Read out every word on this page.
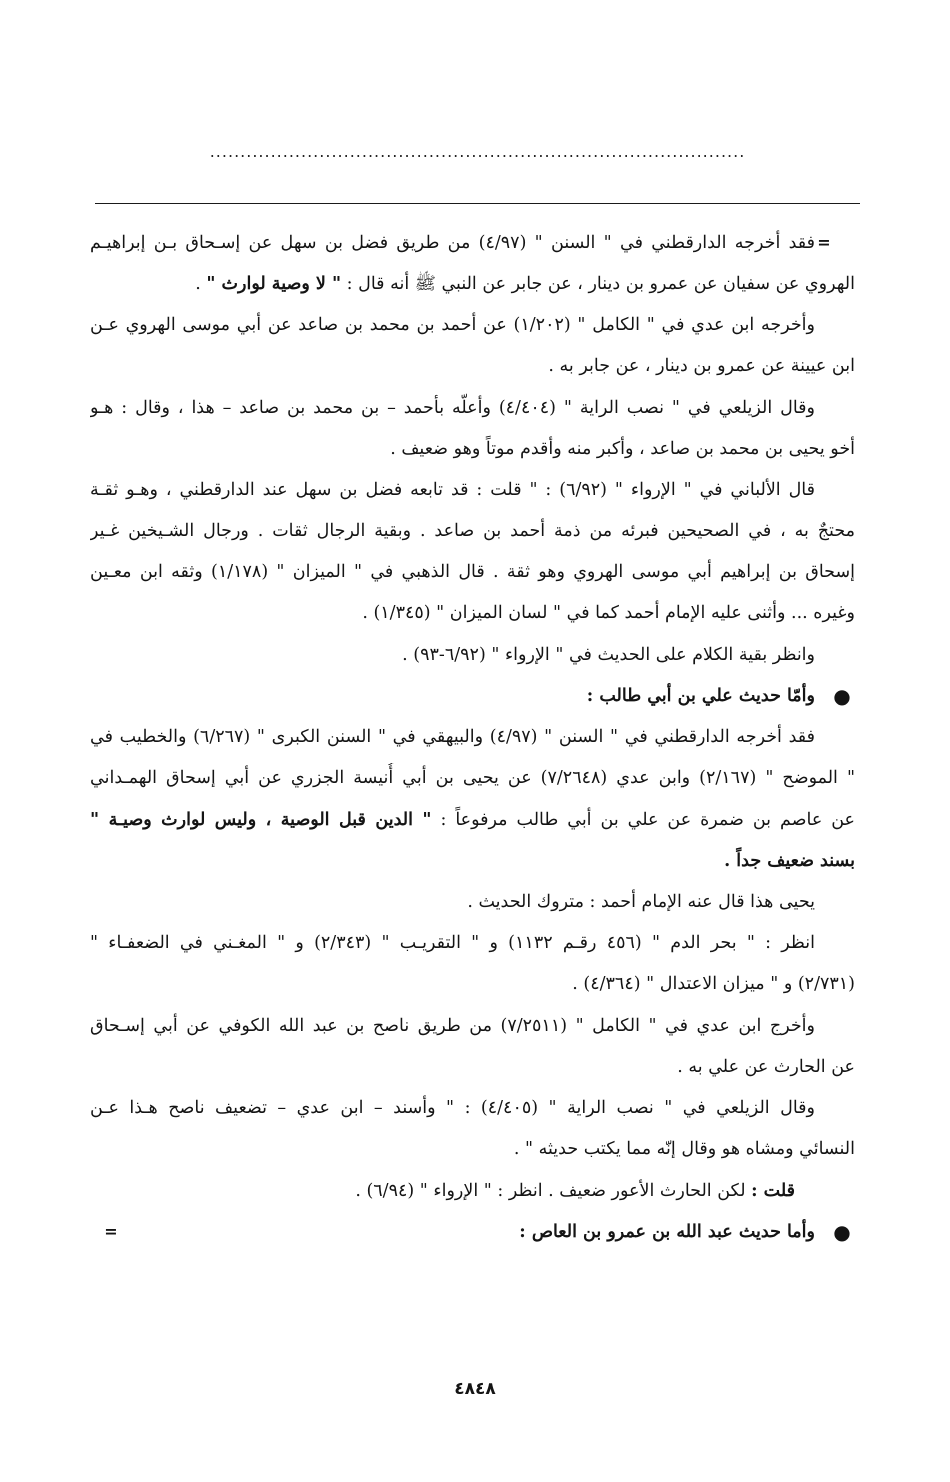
........................................................................................
=
فقد أخرجه الدارقطني في " السنن " (٤/٩٧) من طريق فضل بن سهل عن إسـحاق بـن إبراهيـم
الهروي عن سفيان عن عمرو بن دينار ، عن جابر عن النبي ﷺ أنه قال : " لا وصية لوارث " .
وأخرجه ابن عدي في " الكامل " (١/٢٠٢) عن أحمد بن محمد بن صاعد عن أبي موسى الهروي عـن
ابن عيينة عن عمرو بن دينار ، عن جابر به .
وقال الزيلعي في " نصب الراية " (٤/٤٠٤) وأعلّه بأحمد – بن محمد بن صاعد – هذا ، وقال : هـو
أخو يحيى بن محمد بن صاعد ، وأكبر منه وأقدم موتاً وهو ضعيف .
قال الألباني في " الإرواء " (٦/٩٢) : " قلت : قد تابعه فضل بن سهل عند الدارقطني ، وهـو ثقـة
محتجٌ به ، في الصحيحين فبرئه من ذمة أحمد بن صاعد . وبقية الرجال ثقات . ورجال الشـيخين غـير
إسحاق بن إبراهيم أبي موسى الهروي وهو ثقة . قال الذهبي في " الميزان " (١/١٧٨) وثقه ابن معـين
وغيره ... وأثنى عليه الإمام أحمد كما في " لسان الميزان " (١/٣٤٥) .
وانظر بقية الكلام على الحديث في " الإرواء " (٦/٩٢-٩٣) .
●
وأمّا حديث علي بن أبي طالب :
فقد أخرجه الدارقطني في " السنن " (٤/٩٧) والبيهقي في " السنن الكبرى " (٦/٢٦٧) والخطيب في
" الموضح " (٢/١٦٧) وابن عدي (٧/٢٦٤٨) عن يحيى بن أبي أُنيسة الجزري عن أبي إسحاق الهمـداني
عن عاصم بن ضمرة عن علي بن أبي طالب مرفوعاً : " الدين قبل الوصية ، وليس لوارث وصيـة "
بسند ضعيف جداً .
يحيى هذا قال عنه الإمام أحمد : متروك الحديث .
انظر : " بحر الدم " (٤٥٦ رقـم ١١٣٢) و " التقريـب " (٢/٣٤٣) و " المغـني في الضعفـاء "
(٢/٧٣١) و " ميزان الاعتدال " (٤/٣٦٤) .
وأخرج ابن عدي في " الكامل " (٧/٢٥١١) من طريق ناصح بن عبد الله الكوفي عن أبي إسـحاق
عن الحارث عن علي به .
وقال الزيلعي في " نصب الراية " (٤/٤٠٥) : " وأسند – ابن عدي – تضعيف ناصح هـذا عـن
النسائي ومشاه هو وقال إنّه مما يكتب حديثه " .
قلت : لكن الحارث الأعور ضعيف . انظر : " الإرواء " (٦/٩٤) .
●
وأما حديث عبد الله بن عمرو بن العاص :
=
٤٨٤٨
